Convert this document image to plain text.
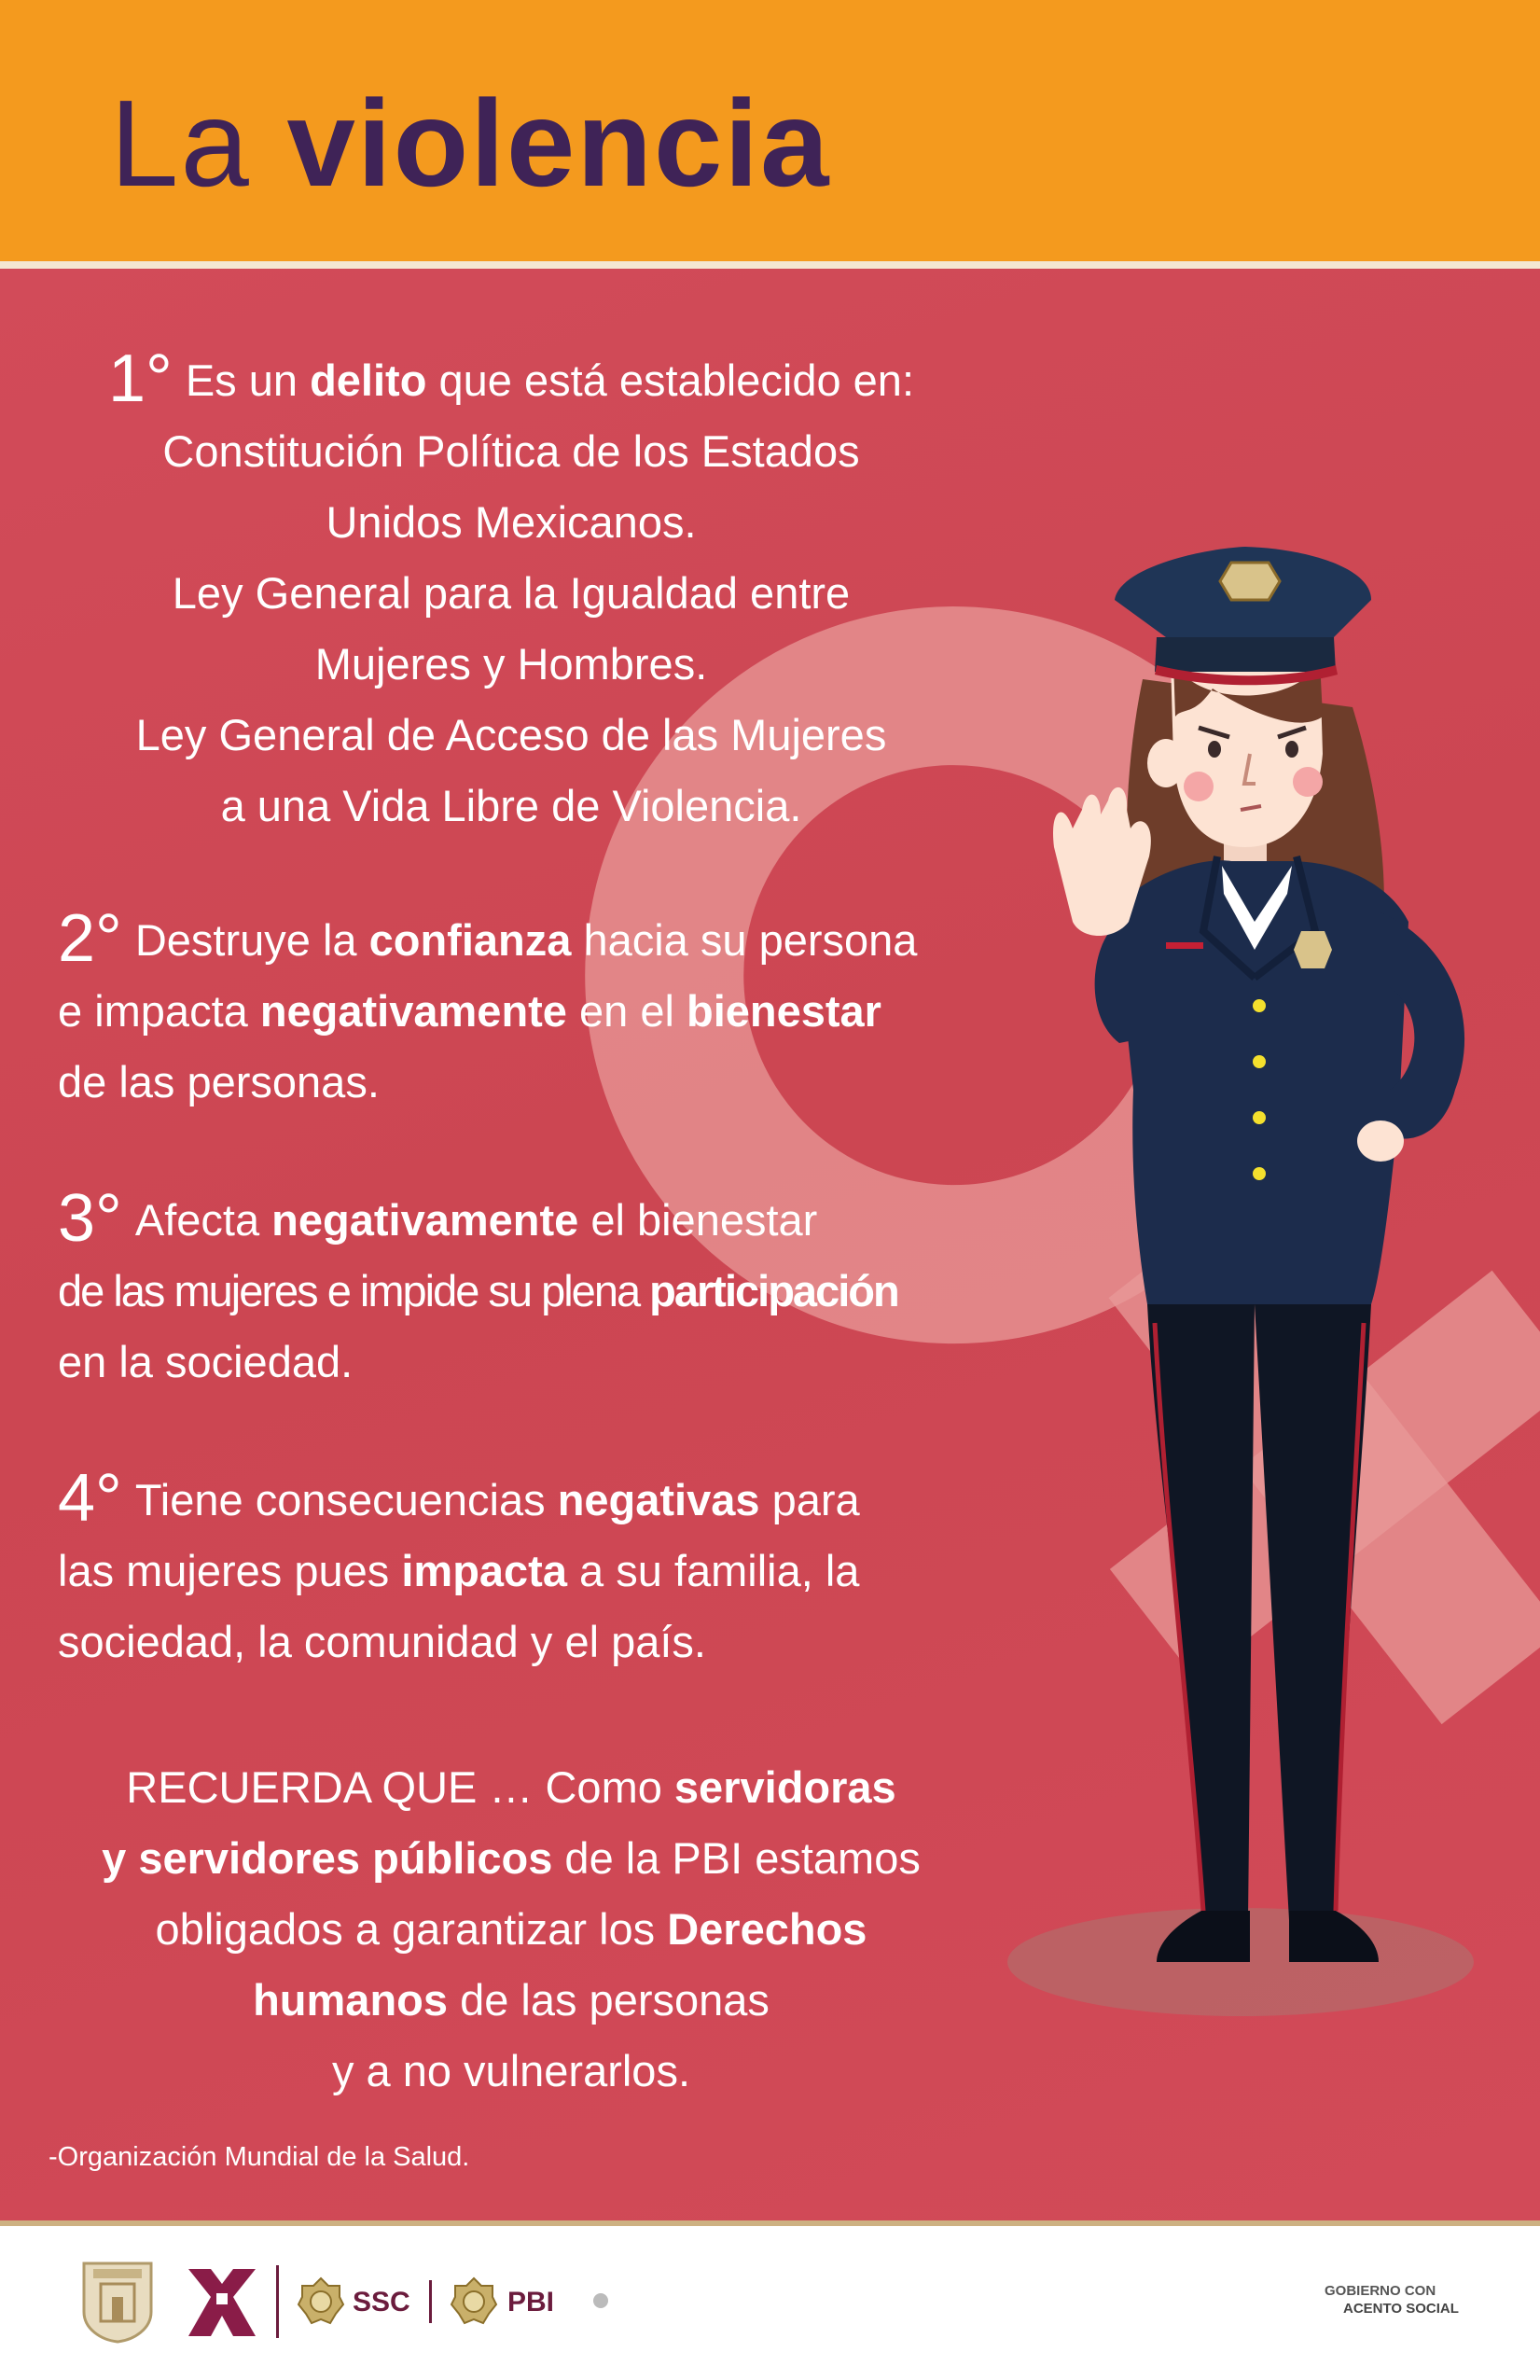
La violencia
1° Es un delito que está establecido en:
Constitución Política de los Estados
Unidos Mexicanos.
Ley General para la Igualdad entre
Mujeres y Hombres.
Ley General de Acceso de las Mujeres
a una Vida Libre de Violencia.
2° Destruye la confianza hacia su persona
e impacta negativamente en el bienestar
de las personas.
3° Afecta negativamente el bienestar
de las mujeres e impide su plena participación
en la sociedad.
4° Tiene consecuencias negativas para
las mujeres pues impacta a su familia, la
sociedad, la comunidad y el país.
RECUERDA QUE … Como servidoras
y servidores públicos de la PBI estamos
obligados a garantizar los Derechos
humanos de las personas
y a no vulnerarlos.
-Organización Mundial de la Salud.
SSC	PBI	GOBIERNO CON
ACENTO SOCIAL
